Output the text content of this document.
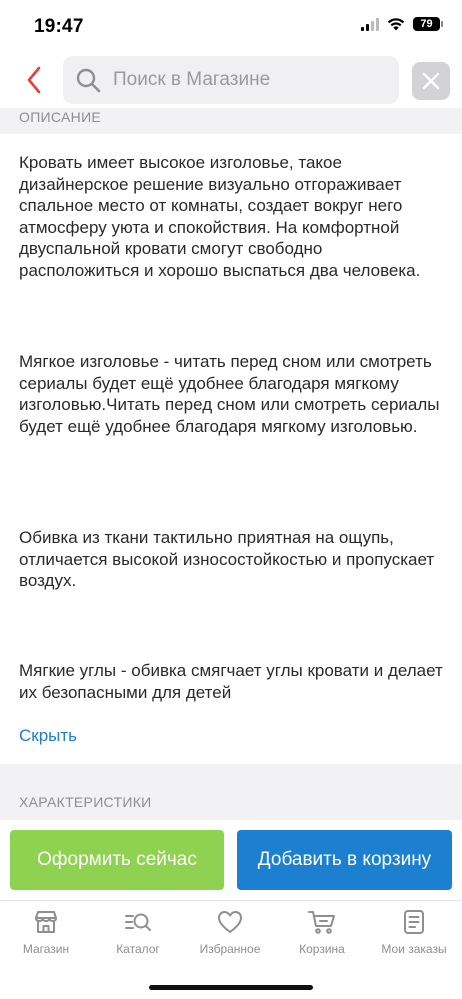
19:47	79
Поиск в Магазине
ОПИСАНИЕ

Кровать имеет высокое изголовье, такое дизайнерское решение визуально отгораживает спальное место от комнаты, создает вокруг него атмосферу уюта и спокойствия. На комфортной двуспальной кровати смогут свободно расположиться и хорошо выспаться два человека.

Мягкое изголовье - читать перед сном или смотреть сериалы будет ещё удобнее благодаря мягкому изголовью.Читать перед сном или смотреть сериалы будет ещё удобнее благодаря мягкому изголовью.

Обивка из ткани тактильно приятная на ощупь, отличается высокой износостойкостью и пропускает воздух.

Мягкие углы - обивка смягчает углы кровати и делает их безопасными для детей

Скрыть
ХАРАКТЕРИСТИКИ
Оформить сейчас	Добавить в корзину
Магазин	Каталог	Избранное	Корзина	Мои заказы
